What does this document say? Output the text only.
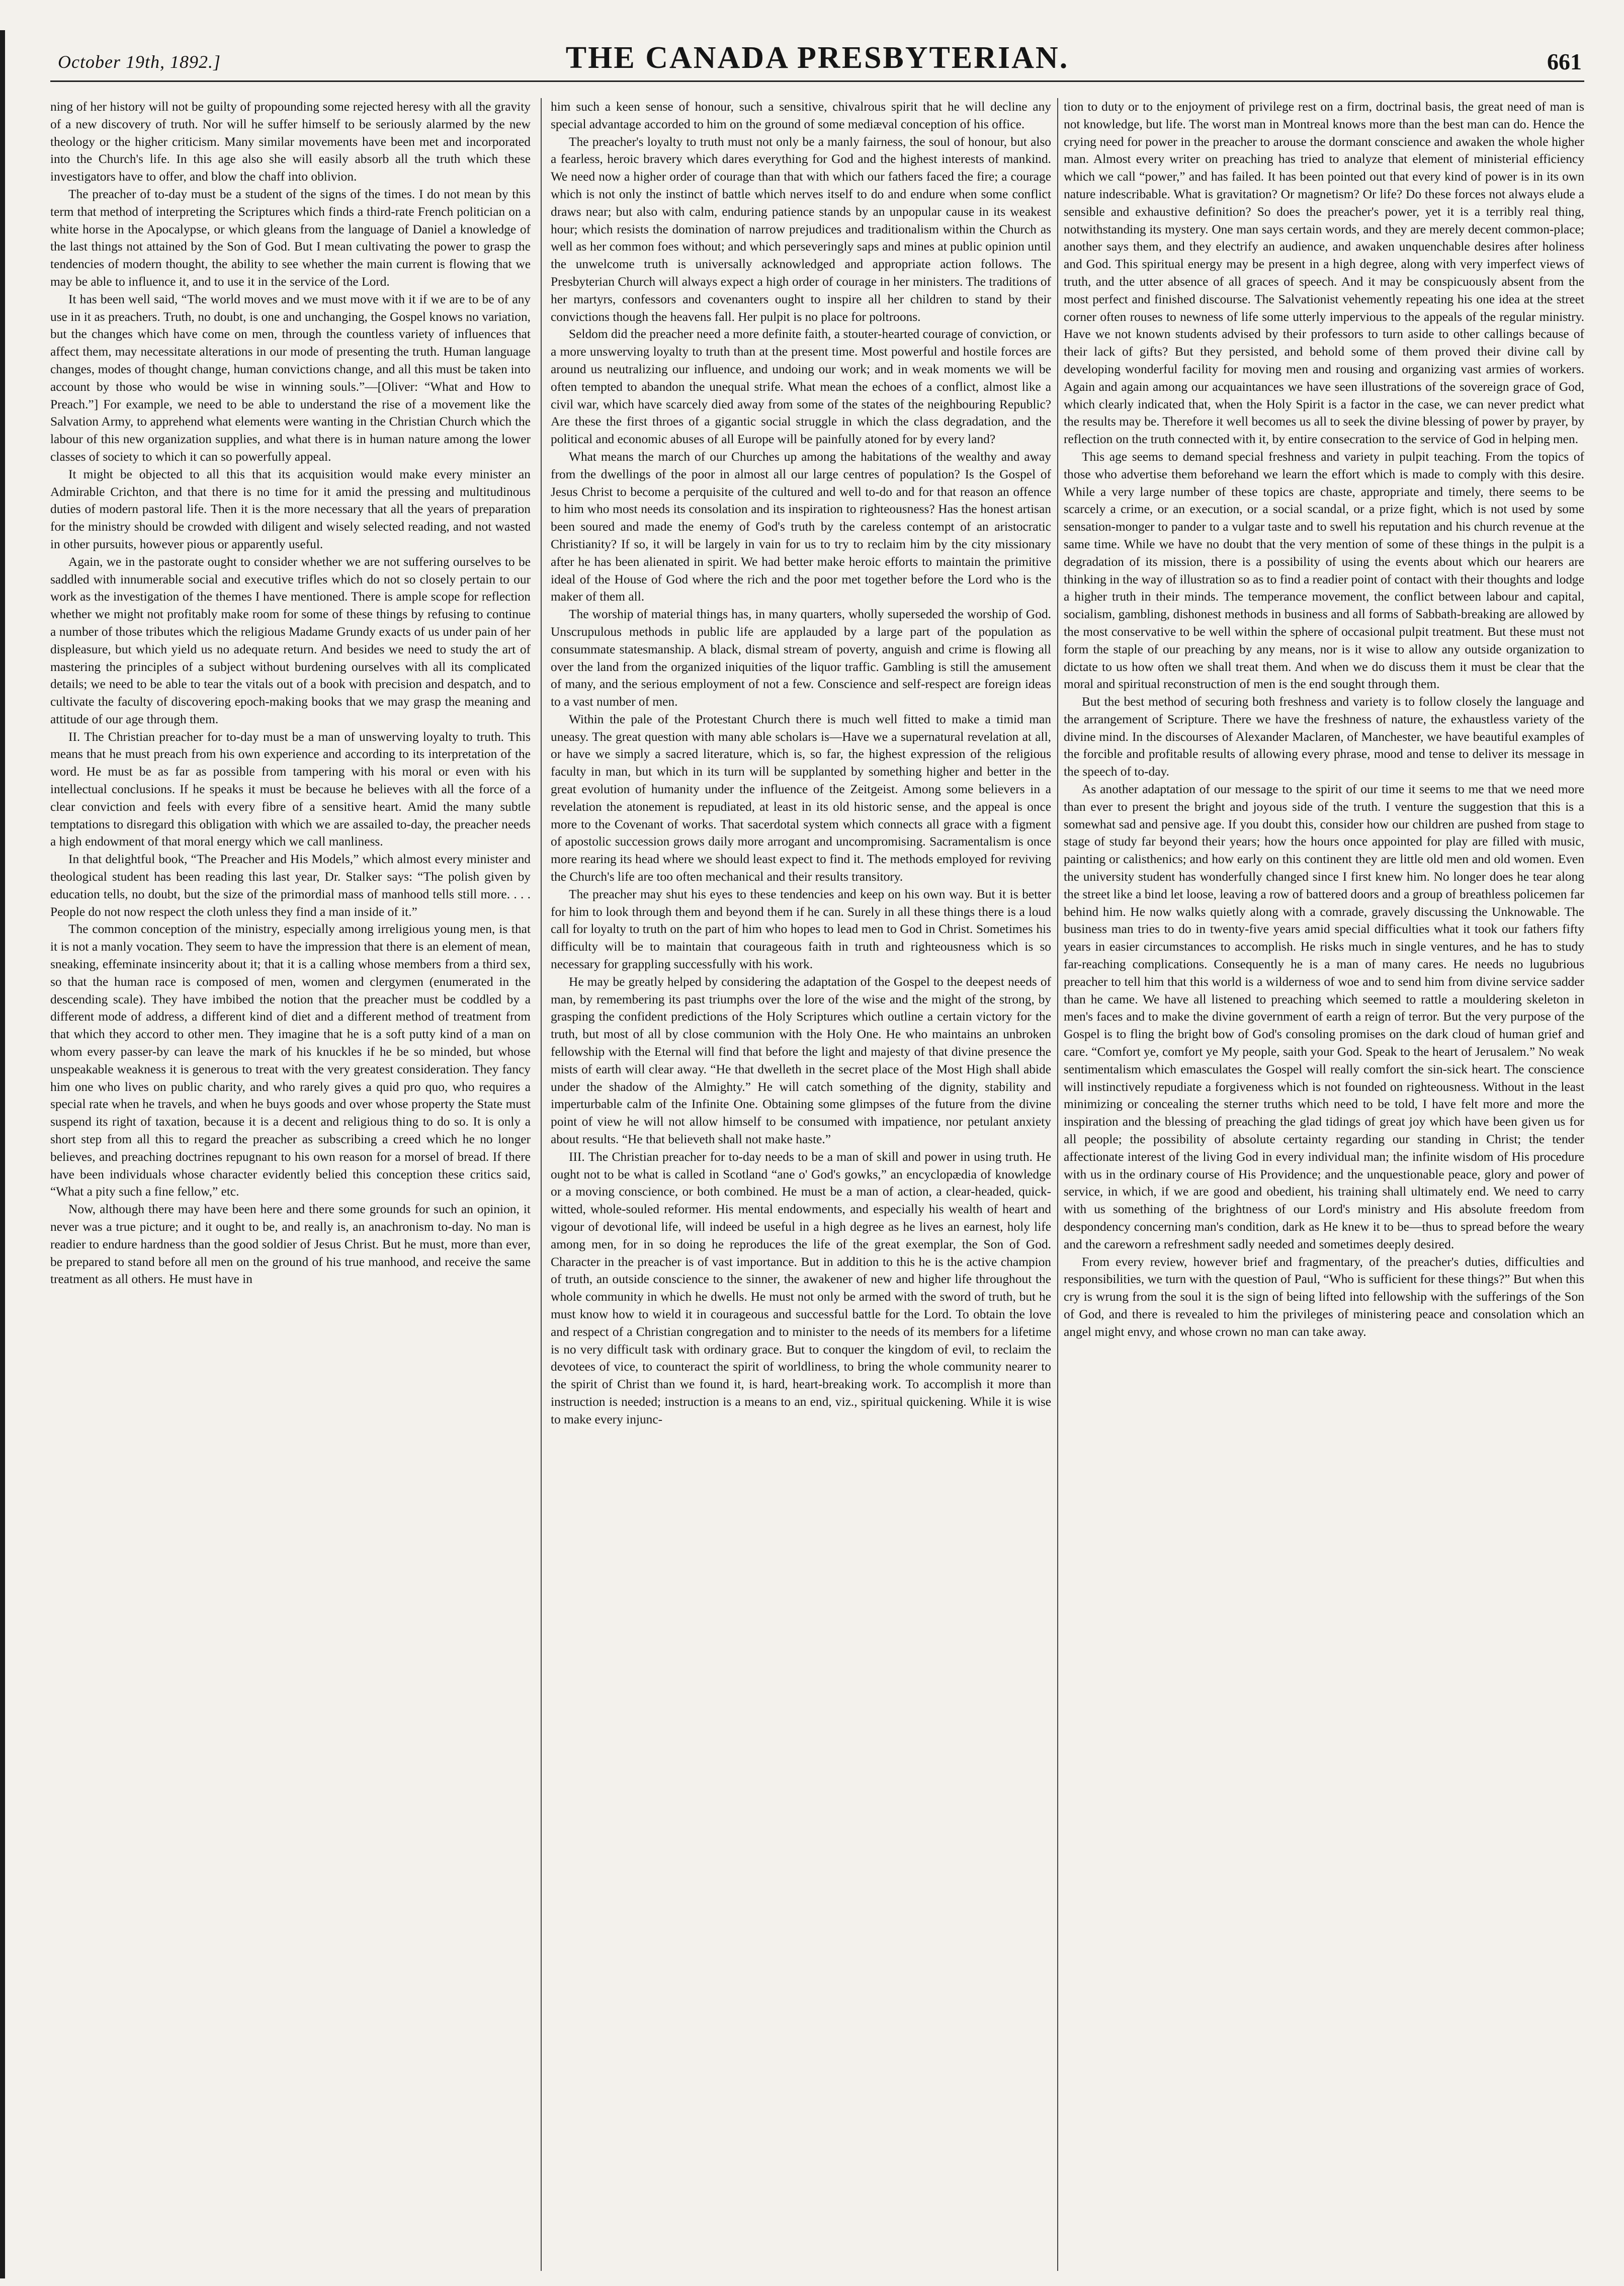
October 19th, 1892.]	THE CANADA PRESBYTERIAN.	661

ning of her history will not be guilty of propounding some rejected heresy with all the gravity of a new discovery of truth. Nor will he suffer himself to be seriously alarmed by the new theology or the higher criticism. Many similar movements have been met and incorporated into the Church's life. In this age also she will easily absorb all the truth which these investigators have to offer, and blow the chaff into oblivion.

The preacher of to-day must be a student of the signs of the times. I do not mean by this term that method of interpreting the Scriptures which finds a third-rate French politician on a white horse in the Apocalypse, or which gleans from the language of Daniel a knowledge of the last things not attained by the Son of God. But I mean cultivating the power to grasp the tendencies of modern thought, the ability to see whether the main current is flowing that we may be able to influence it, and to use it in the service of the Lord.

It has been well said, “The world moves and we must move with it if we are to be of any use in it as preachers. Truth, no doubt, is one and unchanging, the Gospel knows no variation, but the changes which have come on men, through the countless variety of influences that affect them, may necessitate alterations in our mode of presenting the truth. Human language changes, modes of thought change, human convictions change, and all this must be taken into account by those who would be wise in winning souls.”—[Oliver: “What and How to Preach.”] For example, we need to be able to understand the rise of a movement like the Salvation Army, to apprehend what elements were wanting in the Christian Church which the labour of this new organization supplies, and what there is in human nature among the lower classes of society to which it can so powerfully appeal.

It might be objected to all this that its acquisition would make every minister an Admirable Crichton, and that there is no time for it amid the pressing and multitudinous duties of modern pastoral life. Then it is the more necessary that all the years of preparation for the ministry should be crowded with diligent and wisely selected reading, and not wasted in other pursuits, however pious or apparently useful.

Again, we in the pastorate ought to consider whether we are not suffering ourselves to be saddled with innumerable social and executive trifles which do not so closely pertain to our work as the investigation of the themes I have mentioned. There is ample scope for reflection whether we might not profitably make room for some of these things by refusing to continue a number of those tributes which the religious Madame Grundy exacts of us under pain of her displeasure, but which yield us no adequate return. And besides we need to study the art of mastering the principles of a subject without burdening ourselves with all its complicated details; we need to be able to tear the vitals out of a book with precision and despatch, and to cultivate the faculty of discovering epoch-making books that we may grasp the meaning and attitude of our age through them.

II. The Christian preacher for to-day must be a man of unswerving loyalty to truth. This means that he must preach from his own experience and according to its interpretation of the word. He must be as far as possible from tampering with his moral or even with his intellectual conclusions. If he speaks it must be because he believes with all the force of a clear conviction and feels with every fibre of a sensitive heart. Amid the many subtle temptations to disregard this obligation with which we are assailed to-day, the preacher needs a high endowment of that moral energy which we call manliness.

In that delightful book, “The Preacher and His Models,” which almost every minister and theological student has been reading this last year, Dr. Stalker says: “The polish given by education tells, no doubt, but the size of the primordial mass of manhood tells still more. . . . People do not now respect the cloth unless they find a man inside of it.”

The common conception of the ministry, especially among irreligious young men, is that it is not a manly vocation. They seem to have the impression that there is an element of mean, sneaking, effeminate insincerity about it; that it is a calling whose members from a third sex, so that the human race is composed of men, women and clergymen (enumerated in the descending scale). They have imbibed the notion that the preacher must be coddled by a different mode of address, a different kind of diet and a different method of treatment from that which they accord to other men. They imagine that he is a soft putty kind of a man on whom every passer-by can leave the mark of his knuckles if he be so minded, but whose unspeakable weakness it is generous to treat with the very greatest consideration. They fancy him one who lives on public charity, and who rarely gives a quid pro quo, who requires a special rate when he travels, and when he buys goods and over whose property the State must suspend its right of taxation, because it is a decent and religious thing to do so. It is only a short step from all this to regard the preacher as subscribing a creed which he no longer believes, and preaching doctrines repugnant to his own reason for a morsel of bread. If there have been individuals whose character evidently belied this conception these critics said, “What a pity such a fine fellow,” etc.

Now, although there may have been here and there some grounds for such an opinion, it never was a true picture; and it ought to be, and really is, an anachronism to-day. No man is readier to endure hardness than the good soldier of Jesus Christ. But he must, more than ever, be prepared to stand before all men on the ground of his true manhood, and receive the same treatment as all others. He must have in

him such a keen sense of honour, such a sensitive, chivalrous spirit that he will decline any special advantage accorded to him on the ground of some mediæval conception of his office.

The preacher's loyalty to truth must not only be a manly fairness, the soul of honour, but also a fearless, heroic bravery which dares everything for God and the highest interests of mankind. We need now a higher order of courage than that with which our fathers faced the fire; a courage which is not only the instinct of battle which nerves itself to do and endure when some conflict draws near; but also with calm, enduring patience stands by an unpopular cause in its weakest hour; which resists the domination of narrow prejudices and traditionalism within the Church as well as her common foes without; and which perseveringly saps and mines at public opinion until the unwelcome truth is universally acknowledged and appropriate action follows. The Presbyterian Church will always expect a high order of courage in her ministers. The traditions of her martyrs, confessors and covenanters ought to inspire all her children to stand by their convictions though the heavens fall. Her pulpit is no place for poltroons.

Seldom did the preacher need a more definite faith, a stouter-hearted courage of conviction, or a more unswerving loyalty to truth than at the present time. Most powerful and hostile forces are around us neutralizing our influence, and undoing our work; and in weak moments we will be often tempted to abandon the unequal strife. What mean the echoes of a conflict, almost like a civil war, which have scarcely died away from some of the states of the neighbouring Republic? Are these the first throes of a gigantic social struggle in which the class degradation, and the political and economic abuses of all Europe will be painfully atoned for by every land?

What means the march of our Churches up among the habitations of the wealthy and away from the dwellings of the poor in almost all our large centres of population? Is the Gospel of Jesus Christ to become a perquisite of the cultured and well to-do and for that reason an offence to him who most needs its consolation and its inspiration to righteousness? Has the honest artisan been soured and made the enemy of God's truth by the careless contempt of an aristocratic Christianity? If so, it will be largely in vain for us to try to reclaim him by the city missionary after he has been alienated in spirit. We had better make heroic efforts to maintain the primitive ideal of the House of God where the rich and the poor met together before the Lord who is the maker of them all.

The worship of material things has, in many quarters, wholly superseded the worship of God. Unscrupulous methods in public life are applauded by a large part of the population as consummate statesmanship. A black, dismal stream of poverty, anguish and crime is flowing all over the land from the organized iniquities of the liquor traffic. Gambling is still the amusement of many, and the serious employment of not a few. Conscience and self-respect are foreign ideas to a vast number of men.

Within the pale of the Protestant Church there is much well fitted to make a timid man uneasy. The great question with many able scholars is—Have we a supernatural revelation at all, or have we simply a sacred literature, which is, so far, the highest expression of the religious faculty in man, but which in its turn will be supplanted by something higher and better in the great evolution of humanity under the influence of the Zeitgeist. Among some believers in a revelation the atonement is repudiated, at least in its old historic sense, and the appeal is once more to the Covenant of works. That sacerdotal system which connects all grace with a figment of apostolic succession grows daily more arrogant and uncompromising. Sacramentalism is once more rearing its head where we should least expect to find it. The methods employed for reviving the Church's life are too often mechanical and their results transitory.

The preacher may shut his eyes to these tendencies and keep on his own way. But it is better for him to look through them and beyond them if he can. Surely in all these things there is a loud call for loyalty to truth on the part of him who hopes to lead men to God in Christ. Sometimes his difficulty will be to maintain that courageous faith in truth and righteousness which is so necessary for grappling successfully with his work.

He may be greatly helped by considering the adaptation of the Gospel to the deepest needs of man, by remembering its past triumphs over the lore of the wise and the might of the strong, by grasping the confident predictions of the Holy Scriptures which outline a certain victory for the truth, but most of all by close communion with the Holy One. He who maintains an unbroken fellowship with the Eternal will find that before the light and majesty of that divine presence the mists of earth will clear away. “He that dwelleth in the secret place of the Most High shall abide under the shadow of the Almighty.” He will catch something of the dignity, stability and imperturbable calm of the Infinite One. Obtaining some glimpses of the future from the divine point of view he will not allow himself to be consumed with impatience, nor petulant anxiety about results. “He that believeth shall not make haste.”

III. The Christian preacher for to-day needs to be a man of skill and power in using truth. He ought not to be what is called in Scotland “ane o' God's gowks,” an encyclopædia of knowledge or a moving conscience, or both combined. He must be a man of action, a clear-headed, quick-witted, whole-souled reformer. His mental endowments, and especially his wealth of heart and vigour of devotional life, will indeed be useful in a high degree as he lives an earnest, holy life among men, for in so doing he reproduces the life of the great exemplar, the Son of God. Character in the preacher is of vast importance. But in addition to this he is the active champion of truth, an outside conscience to the sinner, the awakener of new and higher life throughout the whole community in which he dwells. He must not only be armed with the sword of truth, but he must know how to wield it in courageous and successful battle for the Lord. To obtain the love and respect of a Christian congregation and to minister to the needs of its members for a lifetime is no very difficult task with ordinary grace. But to conquer the kingdom of evil, to reclaim the devotees of vice, to counteract the spirit of worldliness, to bring the whole community nearer to the spirit of Christ than we found it, is hard, heart-breaking work. To accomplish it more than instruction is needed; instruction is a means to an end, viz., spiritual quickening. While it is wise to make every injunc-

tion to duty or to the enjoyment of privilege rest on a firm, doctrinal basis, the great need of man is not knowledge, but life. The worst man in Montreal knows more than the best man can do. Hence the crying need for power in the preacher to arouse the dormant conscience and awaken the whole higher man. Almost every writer on preaching has tried to analyze that element of ministerial efficiency which we call “power,” and has failed. It has been pointed out that every kind of power is in its own nature indescribable. What is gravitation? Or magnetism? Or life? Do these forces not always elude a sensible and exhaustive definition? So does the preacher's power, yet it is a terribly real thing, notwithstanding its mystery. One man says certain words, and they are merely decent common-place; another says them, and they electrify an audience, and awaken unquenchable desires after holiness and God. This spiritual energy may be present in a high degree, along with very imperfect views of truth, and the utter absence of all graces of speech. And it may be conspicuously absent from the most perfect and finished discourse. The Salvationist vehemently repeating his one idea at the street corner often rouses to newness of life some utterly impervious to the appeals of the regular ministry. Have we not known students advised by their professors to turn aside to other callings because of their lack of gifts? But they persisted, and behold some of them proved their divine call by developing wonderful facility for moving men and rousing and organizing vast armies of workers. Again and again among our acquaintances we have seen illustrations of the sovereign grace of God, which clearly indicated that, when the Holy Spirit is a factor in the case, we can never predict what the results may be. Therefore it well becomes us all to seek the divine blessing of power by prayer, by reflection on the truth connected with it, by entire consecration to the service of God in helping men.

This age seems to demand special freshness and variety in pulpit teaching. From the topics of those who advertise them beforehand we learn the effort which is made to comply with this desire. While a very large number of these topics are chaste, appropriate and timely, there seems to be scarcely a crime, or an execution, or a social scandal, or a prize fight, which is not used by some sensation-monger to pander to a vulgar taste and to swell his reputation and his church revenue at the same time. While we have no doubt that the very mention of some of these things in the pulpit is a degradation of its mission, there is a possibility of using the events about which our hearers are thinking in the way of illustration so as to find a readier point of contact with their thoughts and lodge a higher truth in their minds. The temperance movement, the conflict between labour and capital, socialism, gambling, dishonest methods in business and all forms of Sabbath-breaking are allowed by the most conservative to be well within the sphere of occasional pulpit treatment. But these must not form the staple of our preaching by any means, nor is it wise to allow any outside organization to dictate to us how often we shall treat them. And when we do discuss them it must be clear that the moral and spiritual reconstruction of men is the end sought through them.

But the best method of securing both freshness and variety is to follow closely the language and the arrangement of Scripture. There we have the freshness of nature, the exhaustless variety of the divine mind. In the discourses of Alexander Maclaren, of Manchester, we have beautiful examples of the forcible and profitable results of allowing every phrase, mood and tense to deliver its message in the speech of to-day.

As another adaptation of our message to the spirit of our time it seems to me that we need more than ever to present the bright and joyous side of the truth. I venture the suggestion that this is a somewhat sad and pensive age. If you doubt this, consider how our children are pushed from stage to stage of study far beyond their years; how the hours once appointed for play are filled with music, painting or calisthenics; and how early on this continent they are little old men and old women. Even the university student has wonderfully changed since I first knew him. No longer does he tear along the street like a bind let loose, leaving a row of battered doors and a group of breathless policemen far behind him. He now walks quietly along with a comrade, gravely discussing the Unknowable. The business man tries to do in twenty-five years amid special difficulties what it took our fathers fifty years in easier circumstances to accomplish. He risks much in single ventures, and he has to study far-reaching complications. Consequently he is a man of many cares. He needs no lugubrious preacher to tell him that this world is a wilderness of woe and to send him from divine service sadder than he came. We have all listened to preaching which seemed to rattle a mouldering skeleton in men's faces and to make the divine government of earth a reign of terror. But the very purpose of the Gospel is to fling the bright bow of God's consoling promises on the dark cloud of human grief and care. “Comfort ye, comfort ye My people, saith your God. Speak to the heart of Jerusalem.” No weak sentimentalism which emasculates the Gospel will really comfort the sin-sick heart. The conscience will instinctively repudiate a forgiveness which is not founded on righteousness. Without in the least minimizing or concealing the sterner truths which need to be told, I have felt more and more the inspiration and the blessing of preaching the glad tidings of great joy which have been given us for all people; the possibility of absolute certainty regarding our standing in Christ; the tender affectionate interest of the living God in every individual man; the infinite wisdom of His procedure with us in the ordinary course of His Providence; and the unquestionable peace, glory and power of service, in which, if we are good and obedient, his training shall ultimately end. We need to carry with us something of the brightness of our Lord's ministry and His absolute freedom from despondency concerning man's condition, dark as He knew it to be—thus to spread before the weary and the careworn a refreshment sadly needed and sometimes deeply desired.

From every review, however brief and fragmentary, of the preacher's duties, difficulties and responsibilities, we turn with the question of Paul, “Who is sufficient for these things?” But when this cry is wrung from the soul it is the sign of being lifted into fellowship with the sufferings of the Son of God, and there is revealed to him the privileges of ministering peace and consolation which an angel might envy, and whose crown no man can take away.
